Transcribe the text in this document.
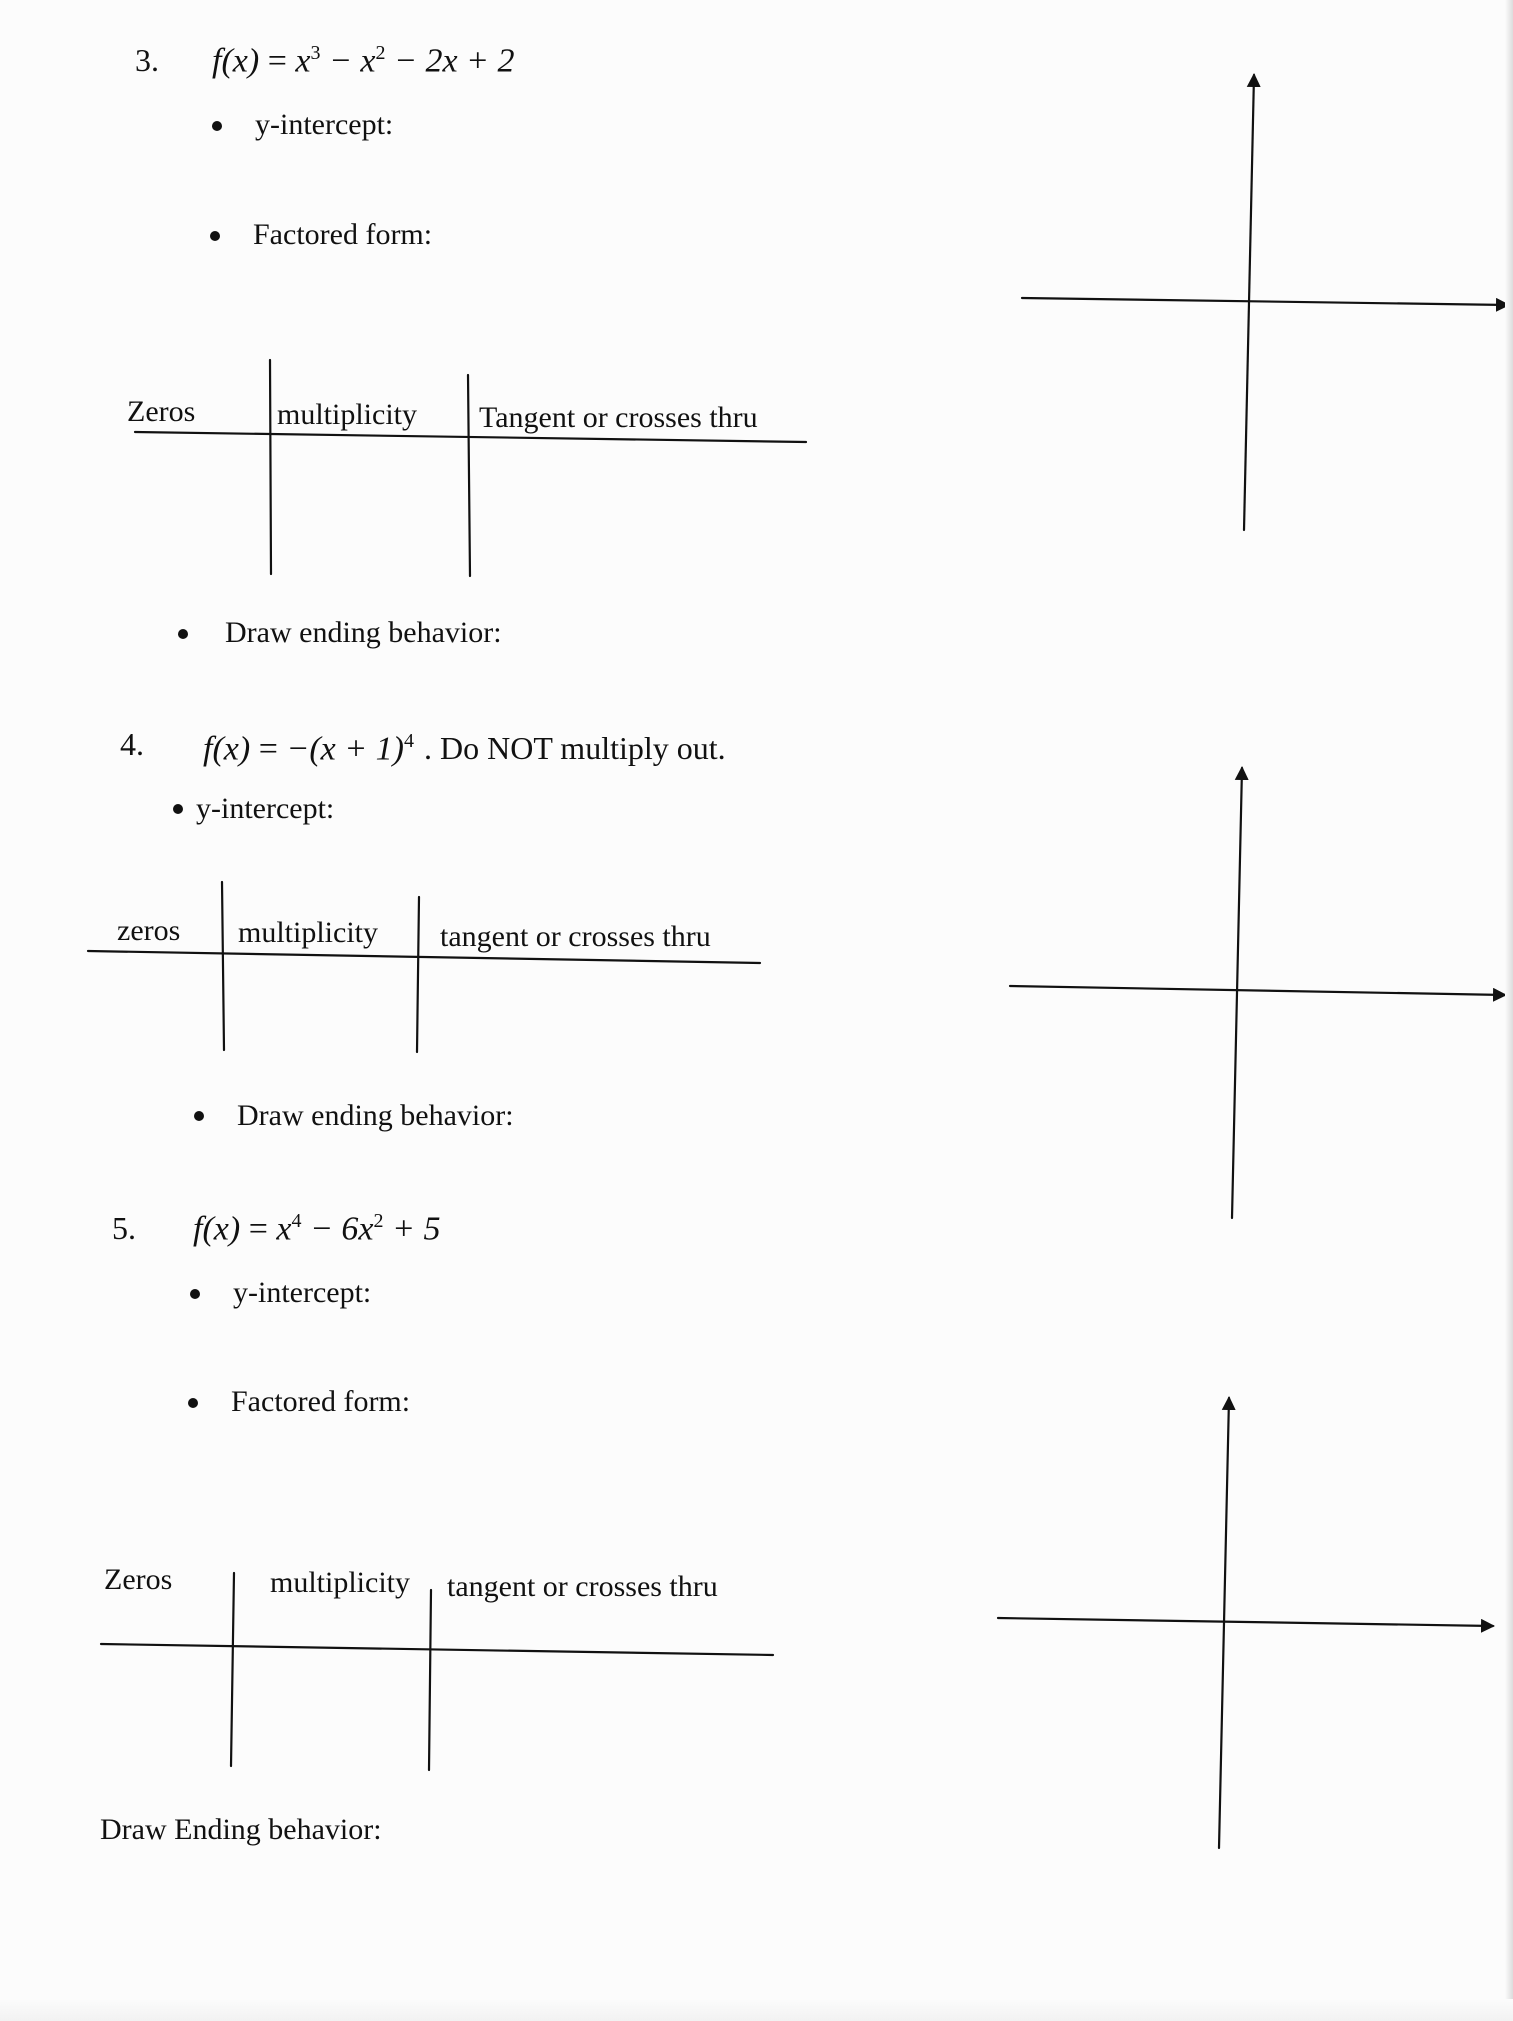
3. $f(x) = x^3 - x^2 - 2x + 2$
y-intercept:
Factored form:
Zeros	multiplicity Tangent or crosses thru
Draw ending behavior:
4. $f(x) = -(x + 1)^4$ . Do NOT multiply out.
y-intercept:
zeros multiplicity tangent or crosses thru
Draw ending behavior:
5. $f(x) = x^4 - 6x^2 + 5$
y-intercept:
Factored form:
Zeros	multiplicity tangent or crosses thru
Draw Ending behavior:
